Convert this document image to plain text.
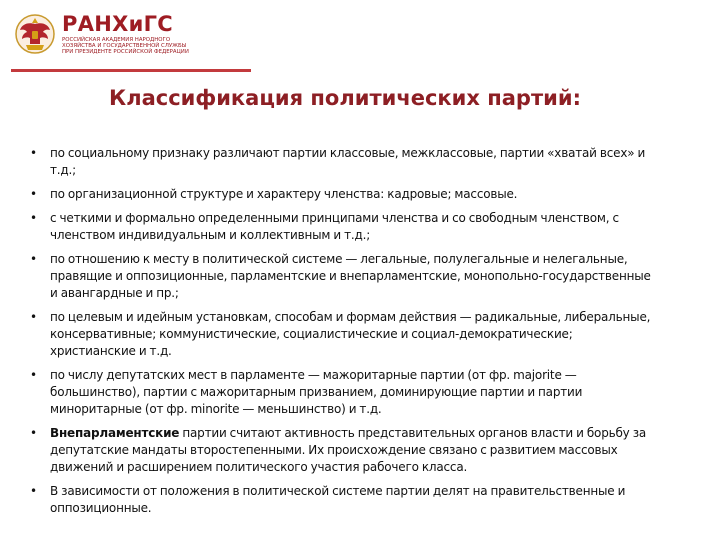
РАНХиГС
РОССИЙСКАЯ АКАДЕМИЯ НАРОДНОГО ХОЗЯЙСТВА И ГОСУДАРСТВЕННОЙ СЛУЖБЫ ПРИ ПРЕЗИДЕНТЕ РОССИЙСКОЙ ФЕДЕРАЦИИ
Классификация политических партий:
• по социальному признаку различают партии классовые, межклассовые, партии «хватай всех» и т.д.;
• по организационной структуре и характеру членства: кадровые; массовые.
• с четкими и формально определенными принципами членства и со свободным членством, с членством индивидуальным и коллективным и т.д.;
• по отношению к месту в политической системе — легальные, полулегальные и нелегальные, правящие и оппозиционные, парламентские и внепарламентские, монопольно-государственные и авангардные и пр.;
• по целевым и идейным установкам, способам и формам действия — радикальные, либеральные, консервативные; коммунистические, социалистические и социал-демократические; христианские и т.д.
• по числу депутатских мест в парламенте — мажоритарные партии (от фр. majorite — большинство), партии с мажоритарным призванием, доминирующие партии и партии миноритарные (от фр. minorite — меньшинство) и т.д.
• Внепарламентские партии считают активность представительных органов власти и борьбу за депутатские мандаты второстепенными. Их происхождение связано с развитием массовых движений и расширением политического участия рабочего класса.
• В зависимости от положения в политической системе партии делят на правительственные и оппозиционные.
